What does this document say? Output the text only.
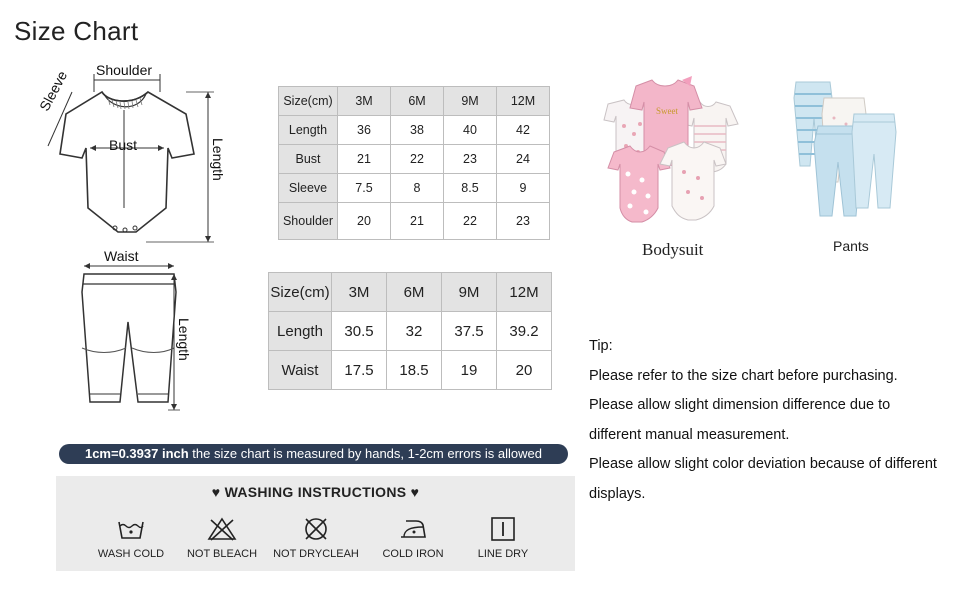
Size Chart
Shoulder
Sleeve
Bust	Length
Waist
Length
Size(cm)	3M	6M	9M	12M
Length	36	38	40	42
Bust	21	22	23	24
Sleeve	7.5	8	8.5	9
Shoulder	20	21	22	23
Size(cm)	3M	6M	9M	12M
Length	30.5	32	37.5	39.2
Waist	17.5	18.5	19	20
1cm=0.3937 inch the size chart is measured by hands, 1-2cm errors is allowed
♥ WASHING INSTRUCTIONS ♥
WASH COLD	NOT BLEACH	NOT DRYCLEAH	COLD IRON	LINE DRY
Sweet
Bodysuit	Pants
Tip:
Please refer to the size chart before purchasing.
Please allow slight dimension difference due to
different manual measurement.
Please allow slight color deviation because of different
displays.
